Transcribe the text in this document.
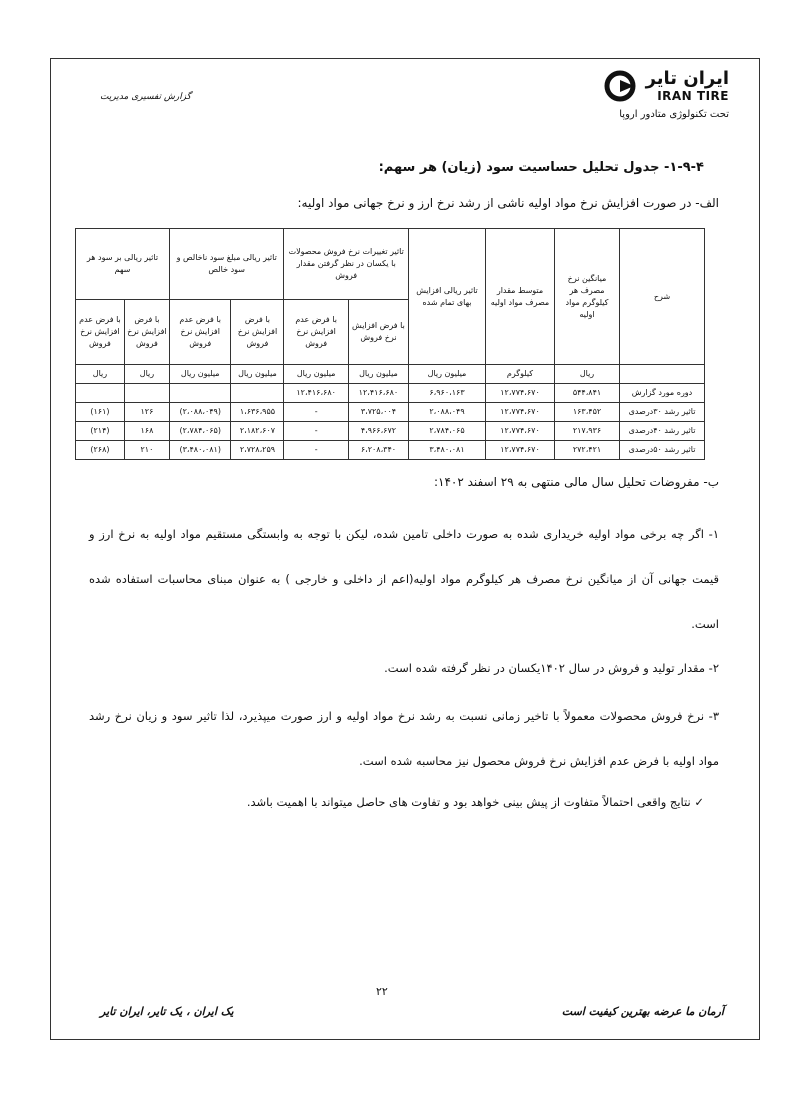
ایران تایر
IRAN TIRE
تحت تکنولوژی متادور اروپا
گزارش تفسیری مدیریت
۱-۹-۴- جدول تحلیل حساسیت سود (زیان) هر سهم:
الف- در صورت افزایش نرخ مواد اولیه ناشی از رشد نرخ ارز و نرخ جهانی مواد اولیه:
شرح	میانگین نرخ مصرف هر کیلوگرم مواد اولیه	متوسط مقدار مصرف مواد اولیه	تاثیر ریالی افزایش بهای تمام شده	تاثیر تغییرات نرخ فروش محصولات با یکسان در نظر گرفتن مقدار فروش		تاثیر ریالی مبلغ سود ناخالص و سود خالص		تاثیر ریالی بر سود هر سهم	
				با فرض افزایش نرخ فروش	با فرض عدم افزایش نرخ فروش	با فرض افزایش نرخ فروش	با فرض عدم افزایش نرخ فروش	با فرض افزایش نرخ فروش	با فرض عدم افزایش نرخ فروش
	ریال	کیلوگرم	میلیون ریال	میلیون ریال	میلیون ریال	میلیون ریال	میلیون ریال	ریال	ریال
دوره مورد گزارش	۵۴۴،۸۴۱	۱۲،۷۷۴،۶۷۰	۶،۹۶۰،۱۶۳	۱۲،۴۱۶،۶۸۰	۱۲،۴۱۶،۶۸۰				
تاثیر رشد ۳۰درصدی	۱۶۳،۴۵۲	۱۲،۷۷۴،۶۷۰	۲،۰۸۸،۰۴۹	۳،۷۲۵،۰۰۴	-	۱،۶۳۶،۹۵۵	(۲،۰۸۸،۰۴۹)	۱۲۶	(۱۶۱)
تاثیر رشد ۴۰درصدی	۲۱۷،۹۳۶	۱۲،۷۷۴،۶۷۰	۲،۷۸۴،۰۶۵	۴،۹۶۶،۶۷۲	-	۲،۱۸۲،۶۰۷	(۲،۷۸۴،۰۶۵)	۱۶۸	(۲۱۴)
تاثیر رشد ۵۰درصدی	۲۷۲،۴۲۱	۱۲،۷۷۴،۶۷۰	۳،۴۸۰،۰۸۱	۶،۲۰۸،۳۴۰	-	۲،۷۲۸،۲۵۹	(۳،۴۸۰،۰۸۱)	۲۱۰	(۲۶۸)
ب- مفروضات تحلیل سال مالی منتهی به ۲۹ اسفند ۱۴۰۲:
۱- اگر چه برخی مواد اولیه خریداری شده به صورت داخلی تامین شده، لیکن با توجه به وابستگی مستقیم مواد اولیه به نرخ ارز و قیمت جهانی آن از میانگین نرخ مصرف هر کیلوگرم مواد اولیه(اعم از داخلی و خارجی ) به عنوان مبنای محاسبات استفاده شده است.
۲- مقدار تولید و فروش در سال ۱۴۰۲یکسان در نظر گرفته شده است.
۳- نرخ فروش محصولات معمولاً با تاخیر زمانی نسبت به رشد نرخ مواد اولیه و ارز صورت میپذیرد، لذا تاثیر سود و زیان نرخ رشد مواد اولیه با فرض عدم افزایش نرخ فروش محصول نیز محاسبه شده است.
✓ نتایج واقعی احتمالاً متفاوت از پیش بینی خواهد بود و تفاوت های حاصل میتواند با اهمیت باشد.
۲۲
آرمان ما عرضه بهترین کیفیت است
یک ایران ، یک تایر، ایران تایر
